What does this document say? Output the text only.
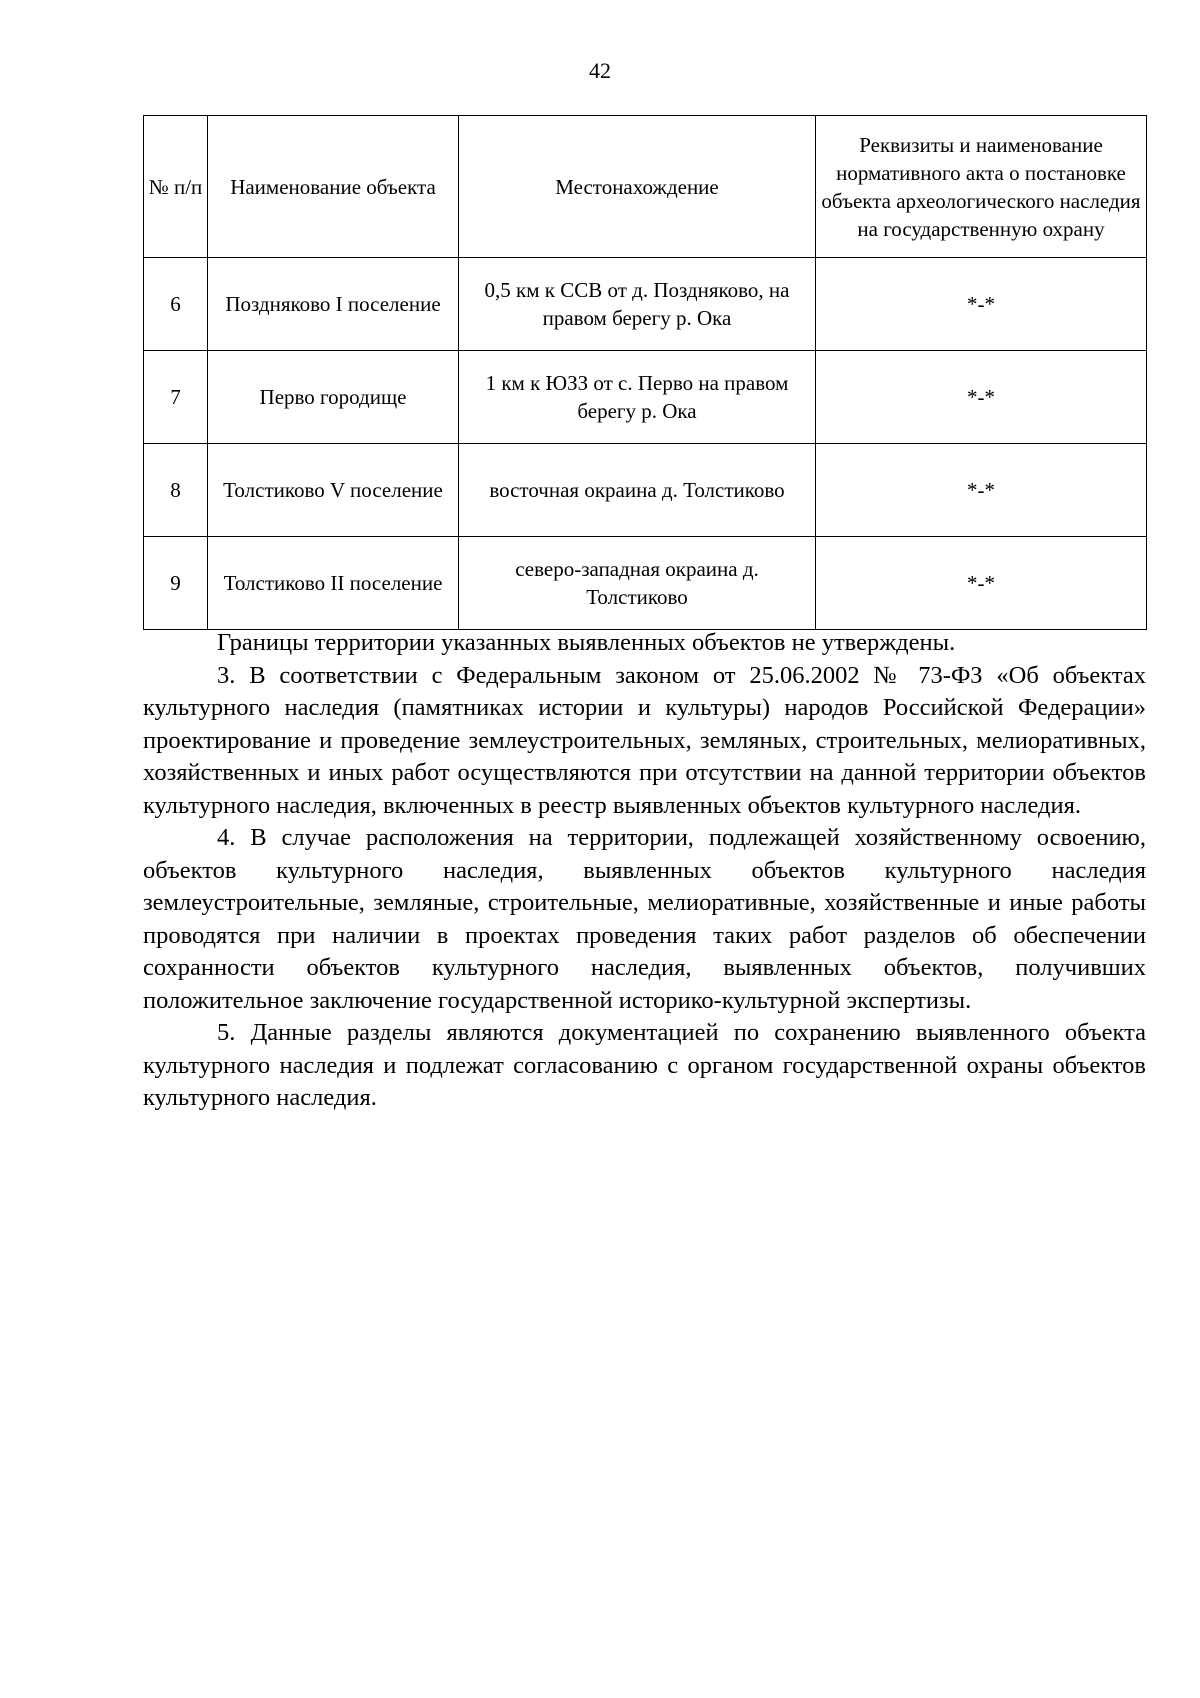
42
№ п/п	Наименование объекта	Местонахождение	Реквизиты и наименование нормативного акта о постановке объекта археологического наследия на государственную охрану
6	Поздняково I поселение	0,5 км к ССВ от д. Поздняково, на правом берегу р. Ока	*-*
7	Перво городище	1 км к ЮЗЗ от с. Перво на правом берегу р. Ока	*-*
8	Толстиково V поселение	восточная окраина д. Толстиково	*-*
9	Толстиково II поселение	северо-западная окраина д. Толстиково	*-*

Границы территории указанных выявленных объектов не утверждены.

3. В соответствии с Федеральным законом от 25.06.2002 № 73-ФЗ «Об объектах культурного наследия (памятниках истории и культуры) народов Российской Федерации» проектирование и проведение землеустроительных, земляных, строительных, мелиоративных, хозяйственных и иных работ осуществляются при отсутствии на данной территории объектов культурного наследия, включенных в реестр выявленных объектов культурного наследия.

4. В случае расположения на территории, подлежащей хозяйственному освоению, объектов культурного наследия, выявленных объектов культурного наследия землеустроительные, земляные, строительные, мелиоративные, хозяйственные и иные работы проводятся при наличии в проектах проведения таких работ разделов об обеспечении сохранности объектов культурного наследия, выявленных объектов, получивших положительное заключение государственной историко-культурной экспертизы.

5. Данные разделы являются документацией по сохранению выявленного объекта культурного наследия и подлежат согласованию с органом государственной охраны объектов культурного наследия.
